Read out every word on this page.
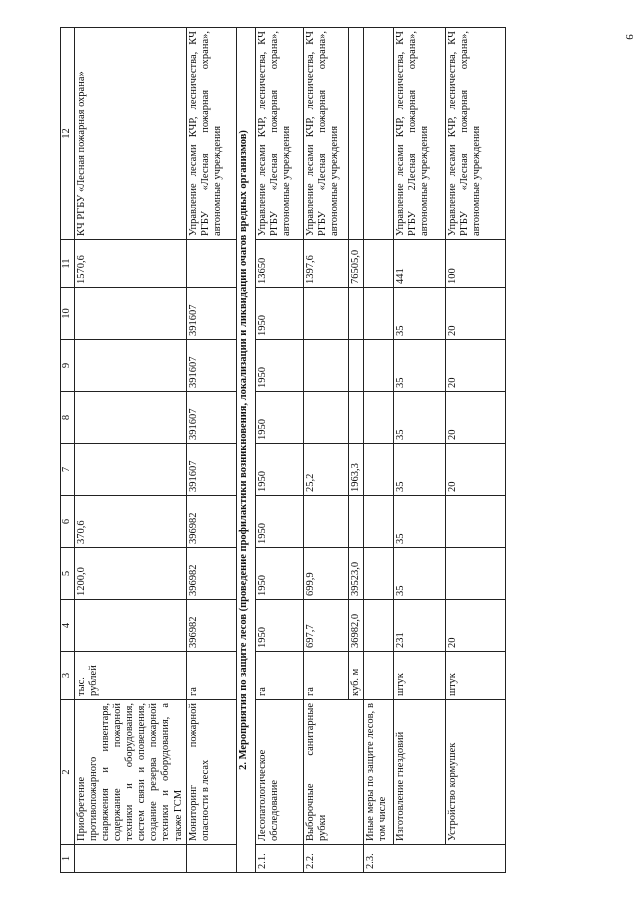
9
1	2	3	4	5	6	7	8	9	10	11	12
	Приобретение противопожарного снаряжения и инвентаря, содержание пожарной техники и оборудования, систем связи и оповещения, создание резерва пожарной техники и оборудования, а также ГСМ	тыс. рублей		1200,0	370,6					1570,6	КЧ РГБУ «Лесная пожарная охрана»
	Мониторинг пожарной опасности в лесах	га	396982	396982	396982	391607	391607	391607	391607		Управление лесами КЧР, лесничества, КЧ РГБУ «Лесная пожарная охрана», автономные учреждения
2. Мероприятия по защите лесов (проведение профилактики возникновения, локализации и ликвидации очагов вредных организмов)											
2.1.	Лесопатологическое обследование	га	1950	1950	1950	1950	1950	1950	1950	13650	Управление лесами КЧР, лесничества, КЧ РГБУ «Лесная пожарная охрана», автономные учреждения
2.2.	Выборочные санитарные рубки	га	697,7	699,9		25,2				1397,6	Управление лесами КЧР, лесничества, КЧ РГБУ «Лесная пожарная охрана», автономные учреждения
		куб. м	36982,0	39523,0		1963,3				76505,0	
2.3.	Иные меры по защите лесов, в том числе										
	Изготовление гнездовий	штук	231	35	35	35	35	35	35	441	Управление лесами КЧР, лесничества, КЧ РГБУ 2Лесная пожарная охрана», автономные учреждения
	Устройство кормушек	штук	20			20	20	20	20	100	Управление лесами КЧР, лесничества, КЧ РГБУ «Лесная пожарная охрана», автономные учреждения
